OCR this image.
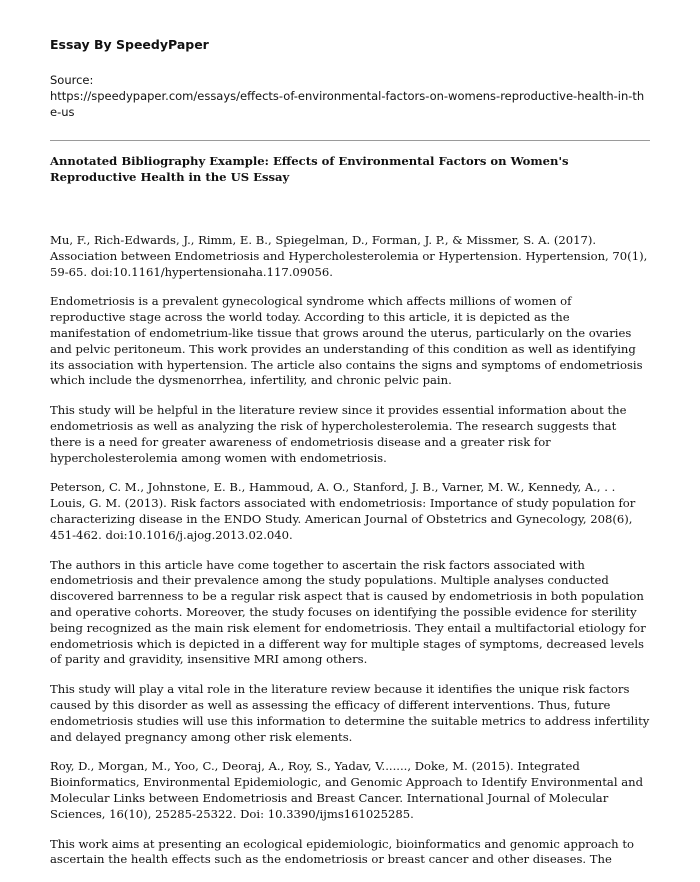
Essay By SpeedyPaper
Source:
https://speedypaper.com/essays/effects-of-environmental-factors-on-womens-reproductive-health-in-the-us
Annotated Bibliography Example: Effects of Environmental Factors on Women's Reproductive Health in the US Essay

Mu, F., Rich-Edwards, J., Rimm, E. B., Spiegelman, D., Forman, J. P., & Missmer, S. A. (2017). Association between Endometriosis and Hypercholesterolemia or Hypertension. Hypertension, 70(1), 59-65. doi:10.1161/hypertensionaha.117.09056.

Endometriosis is a prevalent gynecological syndrome which affects millions of women of reproductive stage across the world today. According to this article, it is depicted as the manifestation of endometrium-like tissue that grows around the uterus, particularly on the ovaries and pelvic peritoneum. This work provides an understanding of this condition as well as identifying its association with hypertension. The article also contains the signs and symptoms of endometriosis which include the dysmenorrhea, infertility, and chronic pelvic pain.

This study will be helpful in the literature review since it provides essential information about the endometriosis as well as analyzing the risk of hypercholesterolemia. The research suggests that there is a need for greater awareness of endometriosis disease and a greater risk for hypercholesterolemia among women with endometriosis.

Peterson, C. M., Johnstone, E. B., Hammoud, A. O., Stanford, J. B., Varner, M. W., Kennedy, A., . . Louis, G. M. (2013). Risk factors associated with endometriosis: Importance of study population for characterizing disease in the ENDO Study. American Journal of Obstetrics and Gynecology, 208(6), 451-462. doi:10.1016/j.ajog.2013.02.040.

The authors in this article have come together to ascertain the risk factors associated with endometriosis and their prevalence among the study populations. Multiple analyses conducted discovered barrenness to be a regular risk aspect that is caused by endometriosis in both population and operative cohorts. Moreover, the study focuses on identifying the possible evidence for sterility being recognized as the main risk element for endometriosis. They entail a multifactorial etiology for endometriosis which is depicted in a different way for multiple stages of symptoms, decreased levels of parity and gravidity, insensitive MRI among others.

This study will play a vital role in the literature review because it identifies the unique risk factors caused by this disorder as well as assessing the efficacy of different interventions. Thus, future endometriosis studies will use this information to determine the suitable metrics to address infertility and delayed pregnancy among other risk elements.

Roy, D., Morgan, M., Yoo, C., Deoraj, A., Roy, S., Yadav, V......., Doke, M. (2015). Integrated Bioinformatics, Environmental Epidemiologic, and Genomic Approach to Identify Environmental and Molecular Links between Endometriosis and Breast Cancer. International Journal of Molecular Sciences, 16(10), 25285-25322. Doi: 10.3390/ijms161025285.

This work aims at presenting an ecological epidemiologic, bioinformatics and genomic approach to ascertain the health effects such as the endometriosis or breast cancer and other diseases. The
